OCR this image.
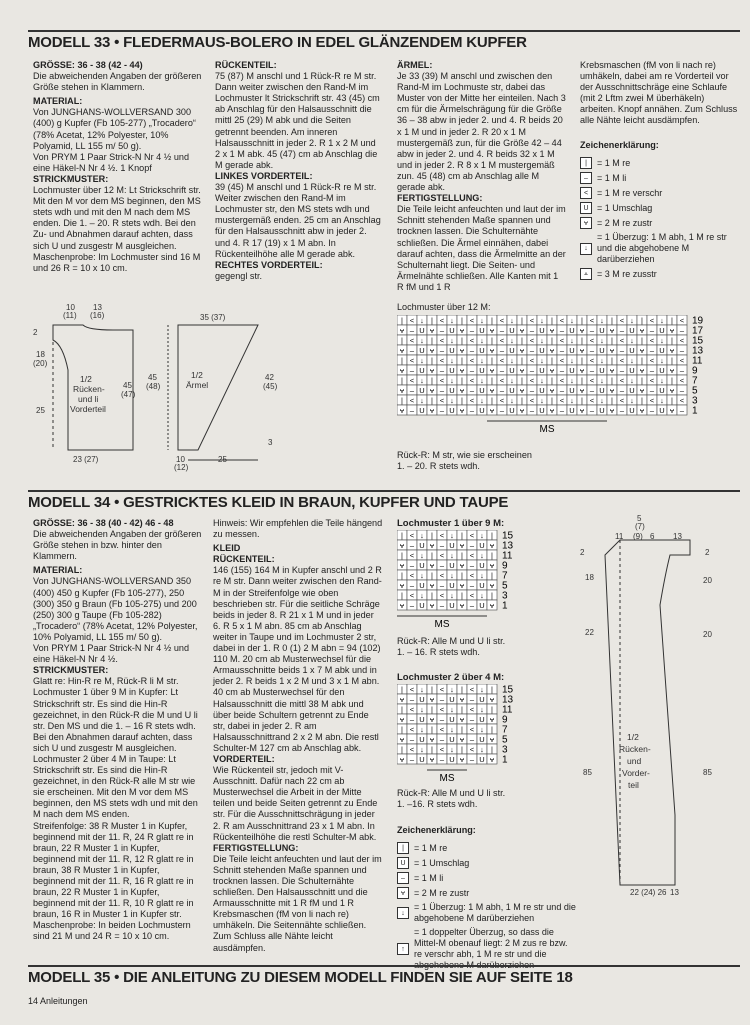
MODELL 33 • FLEDERMAUS-BOLERO IN EDEL GLÄNZENDEM KUPFER

GRÖSSE: 36 - 38 (42 - 44)

Die abweichenden Angaben der größeren Größe stehen in Klammern.

MATERIAL:

Von JUNGHANS-WOLLVERSAND 300 (400) g Kupfer (Fb 105-277) „Trocadero“ (78% Acetat, 12% Polyester, 10% Polyamid, LL 155 m/ 50 g).

Von PRYM 1 Paar Strick-N Nr 4 ½ und eine Häkel-N Nr 4 ½. 1 Knopf

STRICKMUSTER:

Lochmuster über 12 M: Lt Strickschrift str. Mit den M vor dem MS beginnen, den MS stets wdh und mit den M nach dem MS enden. Die 1. – 20. R stets wdh. Bei den Zu- und Abnahmen darauf achten, dass sich U und zusgestr M ausgleichen.

Maschenprobe: Im Lochmuster sind 16 M und 26 R = 10 x 10 cm.

RÜCKENTEIL:

75 (87) M anschl und 1 Rück-R re M str. Dann weiter zwischen den Rand-M im Lochmuster lt Strickschrift str. 43 (45) cm ab Anschlag für den Halsausschnitt die mittl 25 (29) M abk und die Seiten getrennt beenden. Am inneren Halsausschnitt in jeder 2. R 1 x 2 M und 2 x 1 M abk. 45 (47) cm ab Anschlag die M gerade abk.

LINKES VORDERTEIL:

39 (45) M anschl und 1 Rück-R re M str. Weiter zwischen den Rand-M im Lochmuster str, den MS stets wdh und mustergemäß enden. 25 cm an Anschlag für den Halsausschnitt abw in jeder 2. und 4. R 17 (19) x 1 M abn. In Rückenteilhöhe alle M gerade abk.

RECHTES VORDERTEIL:

gegengl str.

ÄRMEL:

Je 33 (39) M anschl und zwischen den Rand-M im Lochmuste str, dabei das Muster von der Mitte her einteilen. Nach 3 cm für die Ärmelschrägung für die Größe 36 – 38 abw in jeder 2. und 4. R beids 20 x 1 M und in jeder 2. R 20 x 1 M mustergemäß zun, für die Größe 42 – 44 abw in jeder 2. und 4. R beids 32 x 1 M und in jeder 2. R 8 x 1 M mustergemäß zun. 45 (48) cm ab Anschlag alle M gerade abk.

FERTIGSTELLUNG:

Die Teile leicht anfeuchten und laut der im Schnitt stehenden Maße spannen und trocknen lassen. Die Schulternähte schließen. Die Ärmel einnähen, dabei darauf achten, dass die Ärmelmitte an der Schulternaht liegt. Die Seiten- und Ärmelnähte schließen. Alle Kanten mit 1 R fM und 1 R

Krebsmaschen (fM von li nach re) umhäkeln, dabei am re Vorderteil vor der Ausschnittschräge eine Schlaufe (mit 2 Lftm zwei M überhäkeln) arbeiten. Knopf annähen. Zum Schluss alle Nähte leicht ausdämpfen.

Zeichenerklärung:

|	= 1 M re
–	= 1 M li
< = 1 M re verschr
U = 1 Umschlag
⩝	= 2 M re zustr
↓
= 1 Überzug: 1 M abh, 1 M re str und die abgehobene M darüberziehen
⩡	= 3 M re zusstr
10 13
(11) (16)
2
18
(20)
25
23 (27)
45
(47)
45
(48)
35 (37)
42
(45)
3
10
(12)
25
1/2 Rücken-und li Vorderteil
1/2 Ärmel
Lochmuster über 12 M:
| < ↓ | < ↓ | < ↓ | < ↓ | < ↓ | < ↓ | < ↓ | < ↓ | < ↓ | < 19
⩝ – U ⩝ – U ⩝ – U ⩝ – U ⩝ – U ⩝ – U ⩝ – U ⩝ – U ⩝ – U ⩝ – 17
| < ↓ | < ↓ | < ↓ | < ↓ | < ↓ | < ↓ | < ↓ | < ↓ | < ↓ | < 15
⩝ – U ⩝ – U ⩝ – U ⩝ – U ⩝ – U ⩝ – U ⩝ – U ⩝ – U ⩝ – U ⩝ – 13
| < ↓ | < ↓ | < ↓ | < ↓ | < ↓ | < ↓ | < ↓ | < ↓ | < ↓ | < 11
⩝ – U ⩝ – U ⩝ – U ⩝ – U ⩝ – U ⩝ – U ⩝ – U ⩝ – U ⩝ – U ⩝ – 9
| < ↓ | < ↓ | < ↓ | < ↓ | < ↓ | < ↓ | < ↓ | < ↓ | < ↓ | < 7
⩝ – U ⩝ – U ⩝ – U ⩝ – U ⩝ – U ⩝ – U ⩝ – U ⩝ – U ⩝ – U ⩝ – 5
| < ↓ | < ↓ | < ↓ | < ↓ | < ↓ | < ↓ | < ↓ | < ↓ | < ↓ | < 3
⩝ – U ⩝ – U ⩝ – U ⩝ – U ⩝ – U ⩝ – U ⩝ – U ⩝ – U ⩝ – U ⩝ – 1
MS
Rück-R: M str, wie sie erscheinen
1. – 20. R stets wdh.
MODELL 34 • GESTRICKTES KLEID IN BRAUN, KUPFER UND TAUPE

GRÖSSE: 36 - 38 (40 - 42) 46 - 48

Die abweichenden Angaben der größeren Größe stehen in bzw. hinter den Klammern.

MATERIAL:

Von JUNGHANS-WOLLVERSAND 350 (400) 450 g Kupfer (Fb 105-277), 250 (300) 350 g Braun (Fb 105-275) und 200 (250) 300 g Taupe (Fb 105-282) „Trocadero“ (78% Acetat, 12% Polyester, 10% Polyamid, LL 155 m/ 50 g).

Von PRYM 1 Paar Strick-N Nr 4 ½ und eine Häkel-N Nr 4 ½.

STRICKMUSTER:

Glatt re: Hin-R re M, Rück-R li M str.

Lochmuster 1 über 9 M in Kupfer: Lt Strickschrift str. Es sind die Hin-R gezeichnet, in den Rück-R die M und U li str. Den MS und die 1. – 16 R stets wdh. Bei den Abnahmen darauf achten, dass sich U und zusgestr M ausgleichen.

Lochmuster 2 über 4 M in Taupe: Lt Strickschrift str. Es sind die Hin-R gezeichnet, in den Rück-R alle M str wie sie erscheinen. Mit den M vor dem MS beginnen, den MS stets wdh und mit den M nach dem MS enden.

Streifenfolge: 38 R Muster 1 in Kupfer, beginnend mit der 11. R, 24 R glatt re in braun, 22 R Muster 1 in Kupfer, beginnend mit der 11. R, 12 R glatt re in braun, 38 R Muster 1 in Kupfer, beginnend mit der 11. R, 16 R glatt re in braun, 22 R Muster 1 in Kupfer, beginnend mit der 11. R, 10 R glatt re in braun, 16 R in Muster 1 in Kupfer str.

Maschenprobe: In beiden Lochmustern sind 21 M und 24 R = 10 x 10 cm.

Hinweis: Wir empfehlen die Teile hängend zu messen.

KLEID

RÜCKENTEIL:

146 (155) 164 M in Kupfer anschl und 2 R re M str. Dann weiter zwischen den Rand-M in der Streifenfolge wie oben beschrieben str. Für die seitliche Schräge beids in jeder 8. R 21 x 1 M und in jeder 6. R 5 x 1 M abn. 85 cm ab Anschlag weiter in Taupe und im Lochmuster 2 str, dabei in der 1. R 0 (1) 2 M abn = 94 (102) 110 M. 20 cm ab Musterwechsel für die Armausschnitte beids 1 x 7 M abk und in jeder 2. R beids 1 x 2 M und 3 x 1 M abn. 40 cm ab Musterwechsel für den Halsausschnitt die mittl 38 M abk und über beide Schultern getrennt zu Ende str, dabei in jeder 2. R am Halsausschnittrand 2 x 2 M abn. Die restl Schulter-M 127 cm ab Anschlag abk.

VORDERTEIL:

Wie Rückenteil str, jedoch mit V-Ausschnitt. Dafür nach 22 cm ab Musterwechsel die Arbeit in der Mitte teilen und beide Seiten getrennt zu Ende str. Für die Ausschnittschrägung in jeder 2. R am Ausschnittrand 23 x 1 M abn. In Rückenteilhöhe die restl Schulter-M abk.

FERTIGSTELLUNG:

Die Teile leicht anfeuchten und laut der im Schnitt stehenden Maße spannen und trocknen lassen. Die Schulternähte schließen. Den Halsausschnitt und die Armausschnitte mit 1 R fM und 1 R Krebsmaschen (fM von li nach re) umhäkeln. Die Seitennähte schließen. Zum Schluss alle Nähte leicht ausdämpfen.

Lochmuster 1 über 9 M:
| < ↓ | < ↓ | < ↓ | 15
⩝ – U ⩝ – U ⩝ – U ⩝ 13
| < ↓ | < ↓ | < ↓ | 11
⩝ – U ⩝ – U ⩝ – U ⩝ 9
| < ↓ | < ↓ | < ↓ | 7
⩝ – U ⩝ – U ⩝ – U ⩝ 5
| < ↓ | < ↓ | < ↓ | 3
⩝ – U ⩝ – U ⩝ – U ⩝ 1
MS
Rück-R: Alle M und U li str.
1. – 16. R stets wdh.
Lochmuster 2 über 4 M:
| < ↓ | < ↓ | < ↓ | 15
⩝ – U ⩝ – U ⩝ – U ⩝ 13
| < ↓ | < ↓ | < ↓ | 11
⩝ – U ⩝ – U ⩝ – U ⩝ 9
| < ↓ | < ↓ | < ↓ | 7
⩝ – U ⩝ – U ⩝ – U ⩝ 5
| < ↓ | < ↓ | < ↓ | 3
⩝ – U ⩝ – U ⩝ – U ⩝ 1
MS
Rück-R: Alle M und U li str.
1. –16. R stets wdh.

Zeichenerklärung:

|	= 1 M re
U = 1 Umschlag
–	= 1 M li
⩝	= 2 M re zustr
↓
= 1 Überzug: 1 M abh, 1 M re str und die abgehobene M darüberziehen
↑
= 1 doppelter Überzug, so dass die Mittel-M obenauf liegt: 2 M zus re bzw. re verschr abh, 1 M re str und die abgehobene M darüberziehen
5
(7)
11 (9) 6 13
2	2
18	20
22	20
85	85
22 (24) 26 13
1/2 Rücken-und Vorder-teil
MODELL 35 • DIE ANLEITUNG ZU DIESEM MODELL FINDEN SIE AUF SEITE 18
14 Anleitungen
